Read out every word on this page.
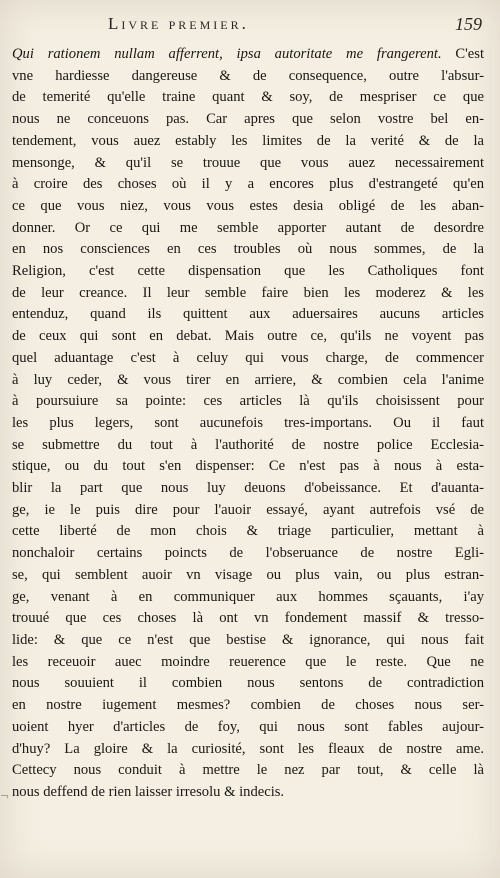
Livre premier.	159
Qui rationem nullam afferrent, ipsa autoritate me frangerent. C'est
vne hardiesse dangereuse & de consequence, outre l'absur-
de temerité qu'elle traine quant & soy, de mespriser ce que
nous ne conceuons pas. Car apres que selon vostre bel en-
tendement, vous auez estably les limites de la verité & de la
mensonge, & qu'il se trouue que vous auez necessairement
à croire des choses où il y a encores plus d'estrangeté qu'en
ce que vous niez, vous vous estes desia obligé de les aban-
donner. Or ce qui me semble apporter autant de desordre
en nos consciences en ces troubles où nous sommes, de la
Religion, c'est cette dispensation que les Catholiques font
de leur creance. Il leur semble faire bien les moderez & les
entenduz, quand ils quittent aux aduersaires aucuns articles
de ceux qui sont en debat. Mais outre ce, qu'ils ne voyent pas
quel aduantage c'est à celuy qui vous charge, de commencer
à luy ceder, & vous tirer en arriere, & combien cela l'anime
à poursuiure sa pointe: ces articles là qu'ils choisissent pour
les plus legers, sont aucunefois tres-importans. Ou il faut
se submettre du tout à l'authorité de nostre police Ecclesia-
stique, ou du tout s'en dispenser: Ce n'est pas à nous à esta-
blir la part que nous luy deuons d'obeissance. Et d'auanta-
ge, ie le puis dire pour l'auoir essayé, ayant autrefois vsé de
cette liberté de mon chois & triage particulier, mettant à
nonchaloir certains poincts de l'obseruance de nostre Egli-
se, qui semblent auoir vn visage ou plus vain, ou plus estran-
ge, venant à en communiquer aux hommes sçauants, i'ay
trouué que ces choses là ont vn fondement massif & tresso-
lide: & que ce n'est que bestise & ignorance, qui nous fait
les receuoir auec moindre reuerence que le reste. Que ne
nous souuient il combien nous sentons de contradiction
en nostre iugement mesmes? combien de choses nous ser-
uoient hyer d'articles de foy, qui nous sont fables aujour-
d'huy? La gloire & la curiosité, sont les fleaux de nostre ame.
Cettecy nous conduit à mettre le nez par tout, & celle là
nous deffend de rien laisser irresolu & indecis.
¬
